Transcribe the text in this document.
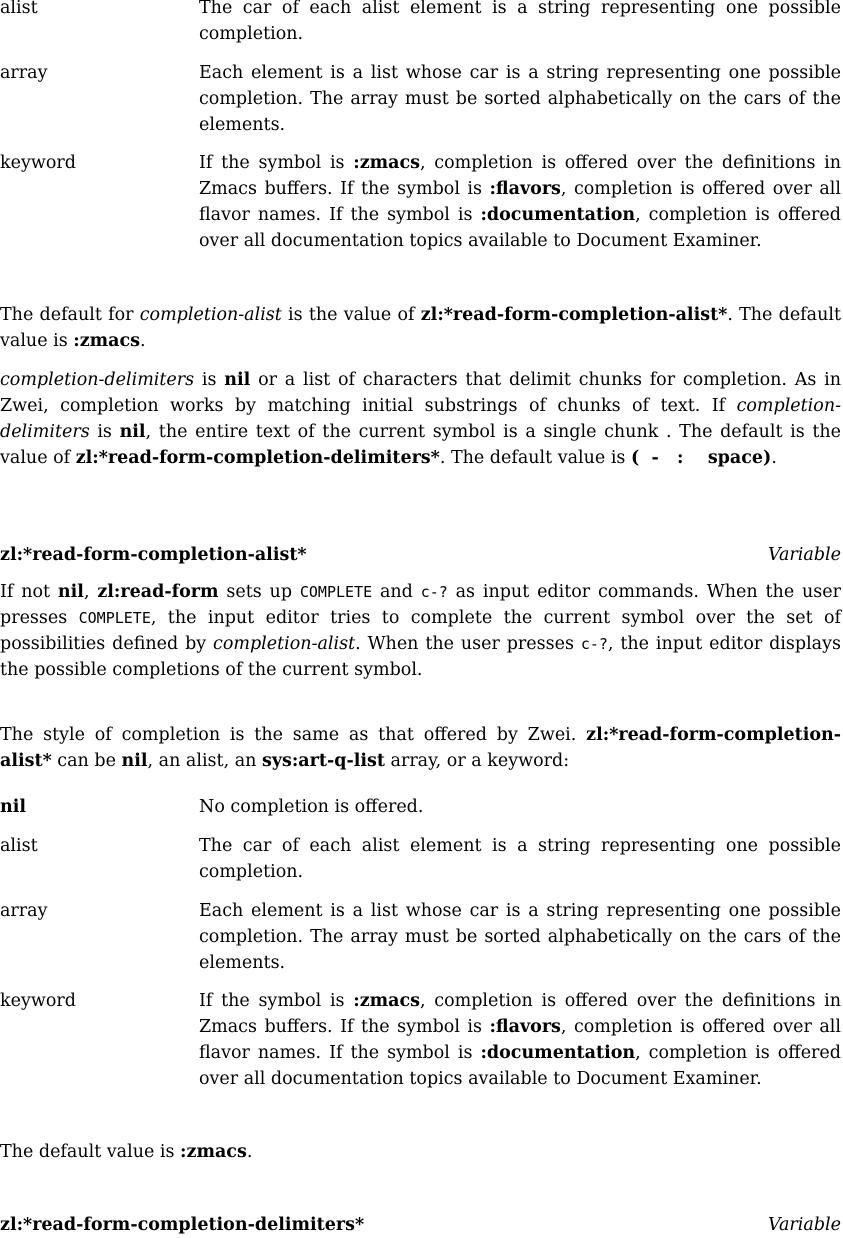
alist	The car of each alist element is a string representing one possible completion.
array	Each element is a list whose car is a string representing one possible completion. The array must be sorted alphabetically on the cars of the elements.
keyword	If the symbol is :zmacs, completion is offered over the definitions in Zmacs buffers. If the symbol is :flavors, completion is offered over all flavor names. If the symbol is :documentation, completion is offered over all documentation topics available to Document Examiner.
The default for completion-alist is the value of zl:*read-form-completion-alist*. The default value is :zmacs.
completion-delimiters is nil or a list of characters that delimit chunks for completion. As in Zwei, completion works by matching initial substrings of chunks of text. If completion-delimiters is nil, the entire text of the current symbol is a single chunk . The default is the value of zl:*read-form-completion-delimiters*. The default value is (  -   :    space).
zl:*read-form-completion-alist*	Variable
If not nil, zl:read-form sets up COMPLETE and c-? as input editor commands. When the user presses COMPLETE, the input editor tries to complete the current symbol over the set of possibilities defined by completion-alist. When the user presses c-?, the input editor displays the possible completions of the current symbol.
The style of completion is the same as that offered by Zwei. zl:*read-form-completion-alist* can be nil, an alist, an sys:art-q-list array, or a keyword:
nil	No completion is offered.
alist	The car of each alist element is a string representing one possible completion.
array	Each element is a list whose car is a string representing one possible completion. The array must be sorted alphabetically on the cars of the elements.
keyword	If the symbol is :zmacs, completion is offered over the definitions in Zmacs buffers. If the symbol is :flavors, completion is offered over all flavor names. If the symbol is :documentation, completion is offered over all documentation topics available to Document Examiner.
The default value is :zmacs.
zl:*read-form-completion-delimiters*	Variable
